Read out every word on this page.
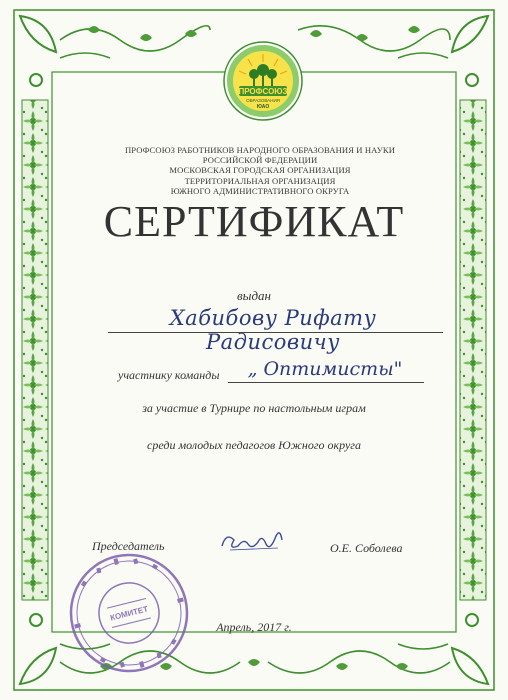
ПРОФСОЮЗ
ОБРАЗОВАНИЯ
ЮАО
ПРОФСОЮЗ РАБОТНИКОВ НАРОДНОГО ОБРАЗОВАНИЯ И НАУКИ
РОССИЙСКОЙ ФЕДЕРАЦИИ
МОСКОВСКАЯ ГОРОДСКАЯ ОРГАНИЗАЦИЯ
ТЕРРИТОРИАЛЬНАЯ ОРГАНИЗАЦИЯ
ЮЖНОГО АДМИНИСТРАТИВНОГО ОКРУГА
СЕРТИФИКАТ
выдан
Хабибову Рифату Радисовичу
участнику команды	„ Оптимисты"
за участие в Турнире по настольным играм
среди молодых педагогов Южного округа
Председатель	О.Е. Соболева
КОМИТЕТ
Апрель, 2017 г.
